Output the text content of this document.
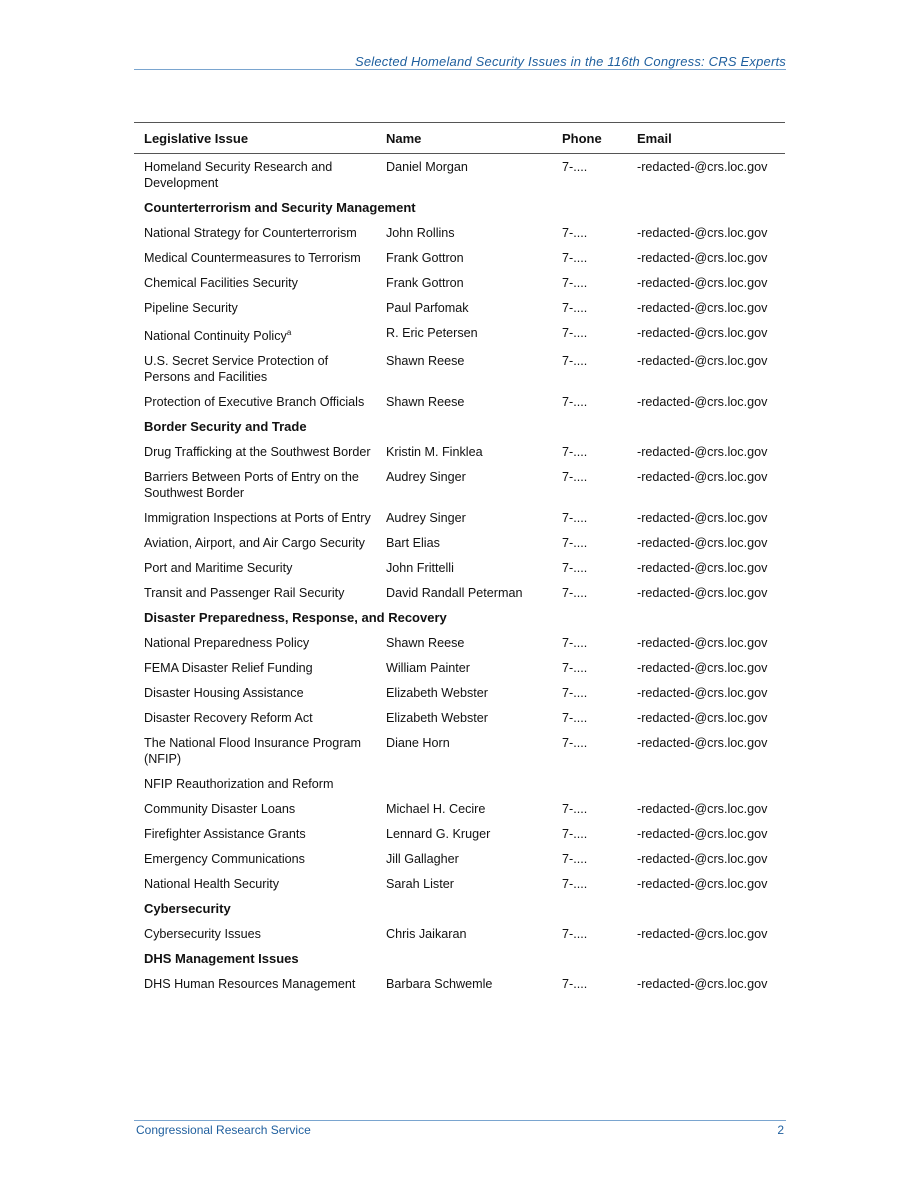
Selected Homeland Security Issues in the 116th Congress: CRS Experts
Legislative Issue	Name	Phone	Email
Homeland Security Research and Development	Daniel Morgan	7-....	-redacted-@crs.loc.gov
Counterterrorism and Security Management			
National Strategy for Counterterrorism	John Rollins	7-....	-redacted-@crs.loc.gov
Medical Countermeasures to Terrorism	Frank Gottron	7-....	-redacted-@crs.loc.gov
Chemical Facilities Security	Frank Gottron	7-....	-redacted-@crs.loc.gov
Pipeline Security	Paul Parfomak	7-....	-redacted-@crs.loc.gov
National Continuity Policy$^a$	R. Eric Petersen	7-....	-redacted-@crs.loc.gov
U.S. Secret Service Protection of Persons and Facilities	Shawn Reese	7-....	-redacted-@crs.loc.gov
Protection of Executive Branch Officials	Shawn Reese	7-....	-redacted-@crs.loc.gov
Border Security and Trade			
Drug Trafficking at the Southwest Border	Kristin M. Finklea	7-....	-redacted-@crs.loc.gov
Barriers Between Ports of Entry on the Southwest Border	Audrey Singer	7-....	-redacted-@crs.loc.gov
Immigration Inspections at Ports of Entry	Audrey Singer	7-....	-redacted-@crs.loc.gov
Aviation, Airport, and Air Cargo Security	Bart Elias	7-....	-redacted-@crs.loc.gov
Port and Maritime Security	John Frittelli	7-....	-redacted-@crs.loc.gov
Transit and Passenger Rail Security	David Randall Peterman	7-....	-redacted-@crs.loc.gov
Disaster Preparedness, Response, and Recovery			
National Preparedness Policy	Shawn Reese	7-....	-redacted-@crs.loc.gov
FEMA Disaster Relief Funding	William Painter	7-....	-redacted-@crs.loc.gov
Disaster Housing Assistance	Elizabeth Webster	7-....	-redacted-@crs.loc.gov
Disaster Recovery Reform Act	Elizabeth Webster	7-....	-redacted-@crs.loc.gov
The National Flood Insurance Program (NFIP)	Diane Horn	7-....	-redacted-@crs.loc.gov
NFIP Reauthorization and Reform			
Community Disaster Loans	Michael H. Cecire	7-....	-redacted-@crs.loc.gov
Firefighter Assistance Grants	Lennard G. Kruger	7-....	-redacted-@crs.loc.gov
Emergency Communications	Jill Gallagher	7-....	-redacted-@crs.loc.gov
National Health Security	Sarah Lister	7-....	-redacted-@crs.loc.gov
Cybersecurity			
Cybersecurity Issues	Chris Jaikaran	7-....	-redacted-@crs.loc.gov
DHS Management Issues			
DHS Human Resources Management	Barbara Schwemle	7-....	-redacted-@crs.loc.gov
Congressional Research Service	2
